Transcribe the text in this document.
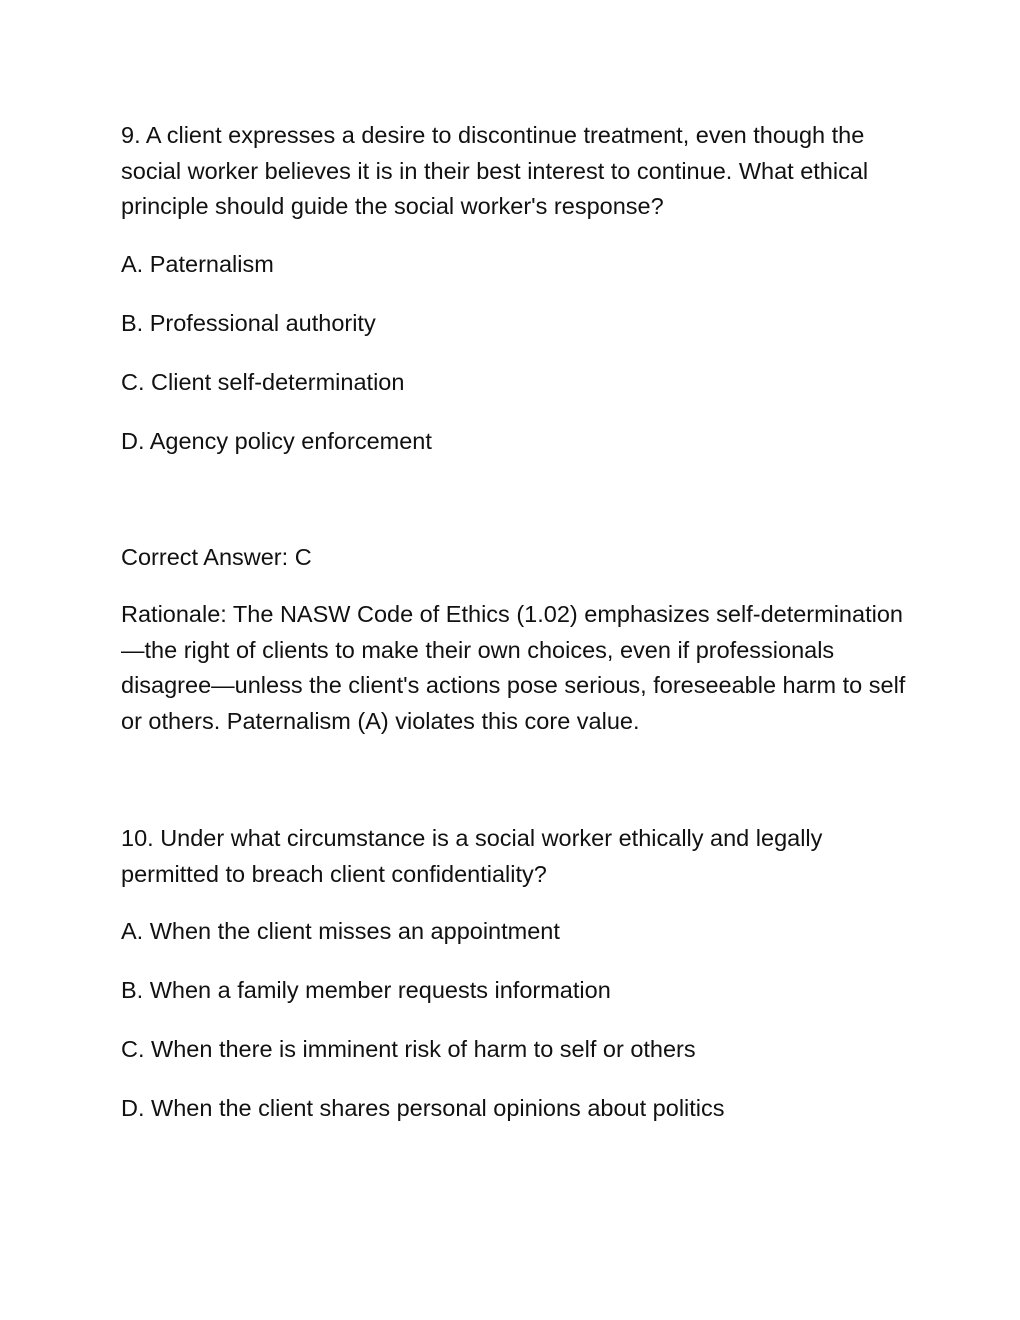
9. A client expresses a desire to discontinue treatment, even though the social worker believes it is in their best interest to continue. What ethical principle should guide the social worker's response?

A. Paternalism

B. Professional authority

C. Client self-determination

D. Agency policy enforcement

Correct Answer: C

Rationale: The NASW Code of Ethics (1.02) emphasizes self-determination—the right of clients to make their own choices, even if professionals disagree—unless the client's actions pose serious, foreseeable harm to self or others. Paternalism (A) violates this core value.

10. Under what circumstance is a social worker ethically and legally permitted to breach client confidentiality?

A. When the client misses an appointment

B. When a family member requests information

C. When there is imminent risk of harm to self or others

D. When the client shares personal opinions about politics
